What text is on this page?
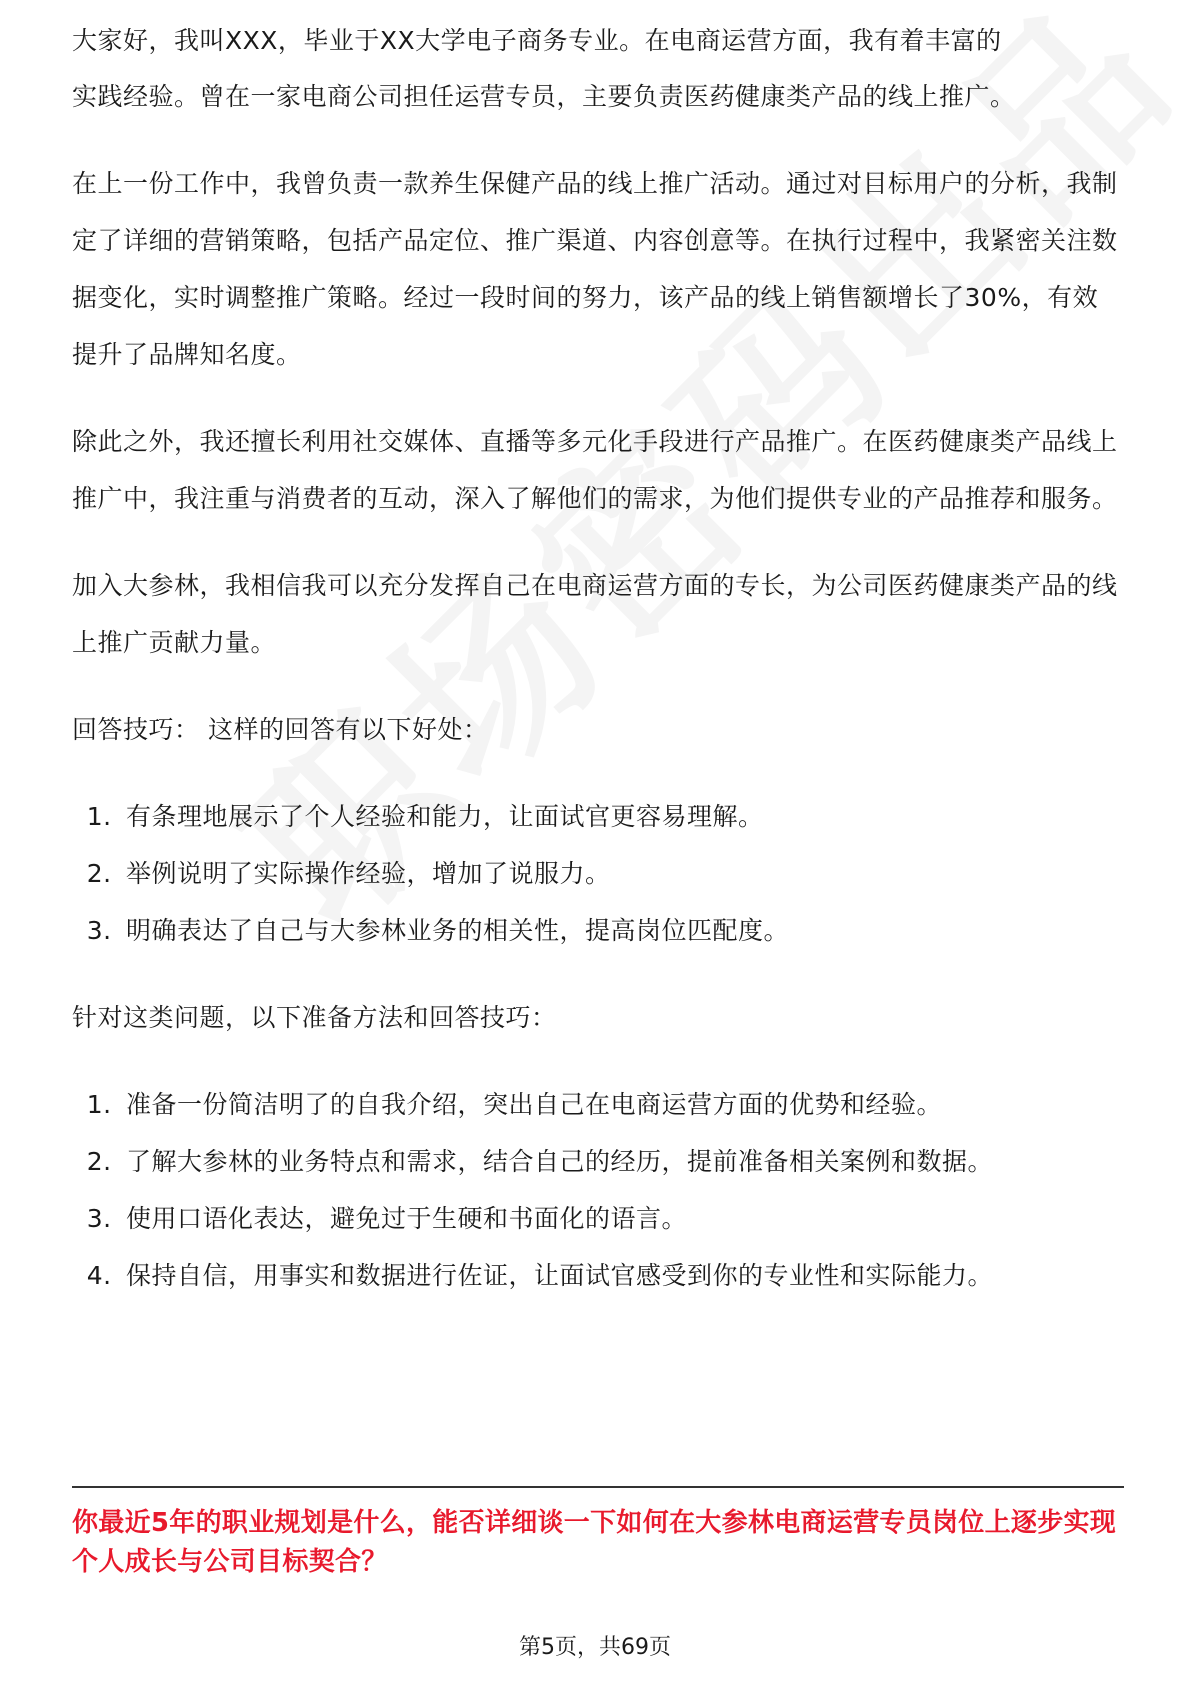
大家好，我叫XXX，毕业于XX大学电子商务专业。在电商运营方面，我有着丰富的

实践经验。曾在一家电商公司担任运营专员，主要负责医药健康类产品的线上推广。

在上一份工作中，我曾负责一款养生保健产品的线上推广活动。通过对目标用户的分析，我制定了详细的营销策略，包括产品定位、推广渠道、内容创意等。在执行过程中，我紧密关注数据变化，实时调整推广策略。经过一段时间的努力，该产品的线上销售额增长了30%，有效提升了品牌知名度。

除此之外，我还擅长利用社交媒体、直播等多元化手段进行产品推广。在医药健康类产品线上推广中，我注重与消费者的互动，深入了解他们的需求，为他们提供专业的产品推荐和服务。

加入大参林，我相信我可以充分发挥自己在电商运营方面的专长，为公司医药健康类产品的线上推广贡献力量。

回答技巧： 这样的回答有以下好处：

1. 有条理地展示了个人经验和能力，让面试官更容易理解。
2. 举例说明了实际操作经验，增加了说服力。
3. 明确表达了自己与大参林业务的相关性，提高岗位匹配度。

针对这类问题，以下准备方法和回答技巧：

1. 准备一份简洁明了的自我介绍，突出自己在电商运营方面的优势和经验。
2. 了解大参林的业务特点和需求，结合自己的经历，提前准备相关案例和数据。
3. 使用口语化表达，避免过于生硬和书面化的语言。
4. 保持自信，用事实和数据进行佐证，让面试官感受到你的专业性和实际能力。
你最近5年的职业规划是什么，能否详细谈一下如何在大参林电商运营专员岗位上逐步实现个人成长与公司目标契合？
第5页，共69页
